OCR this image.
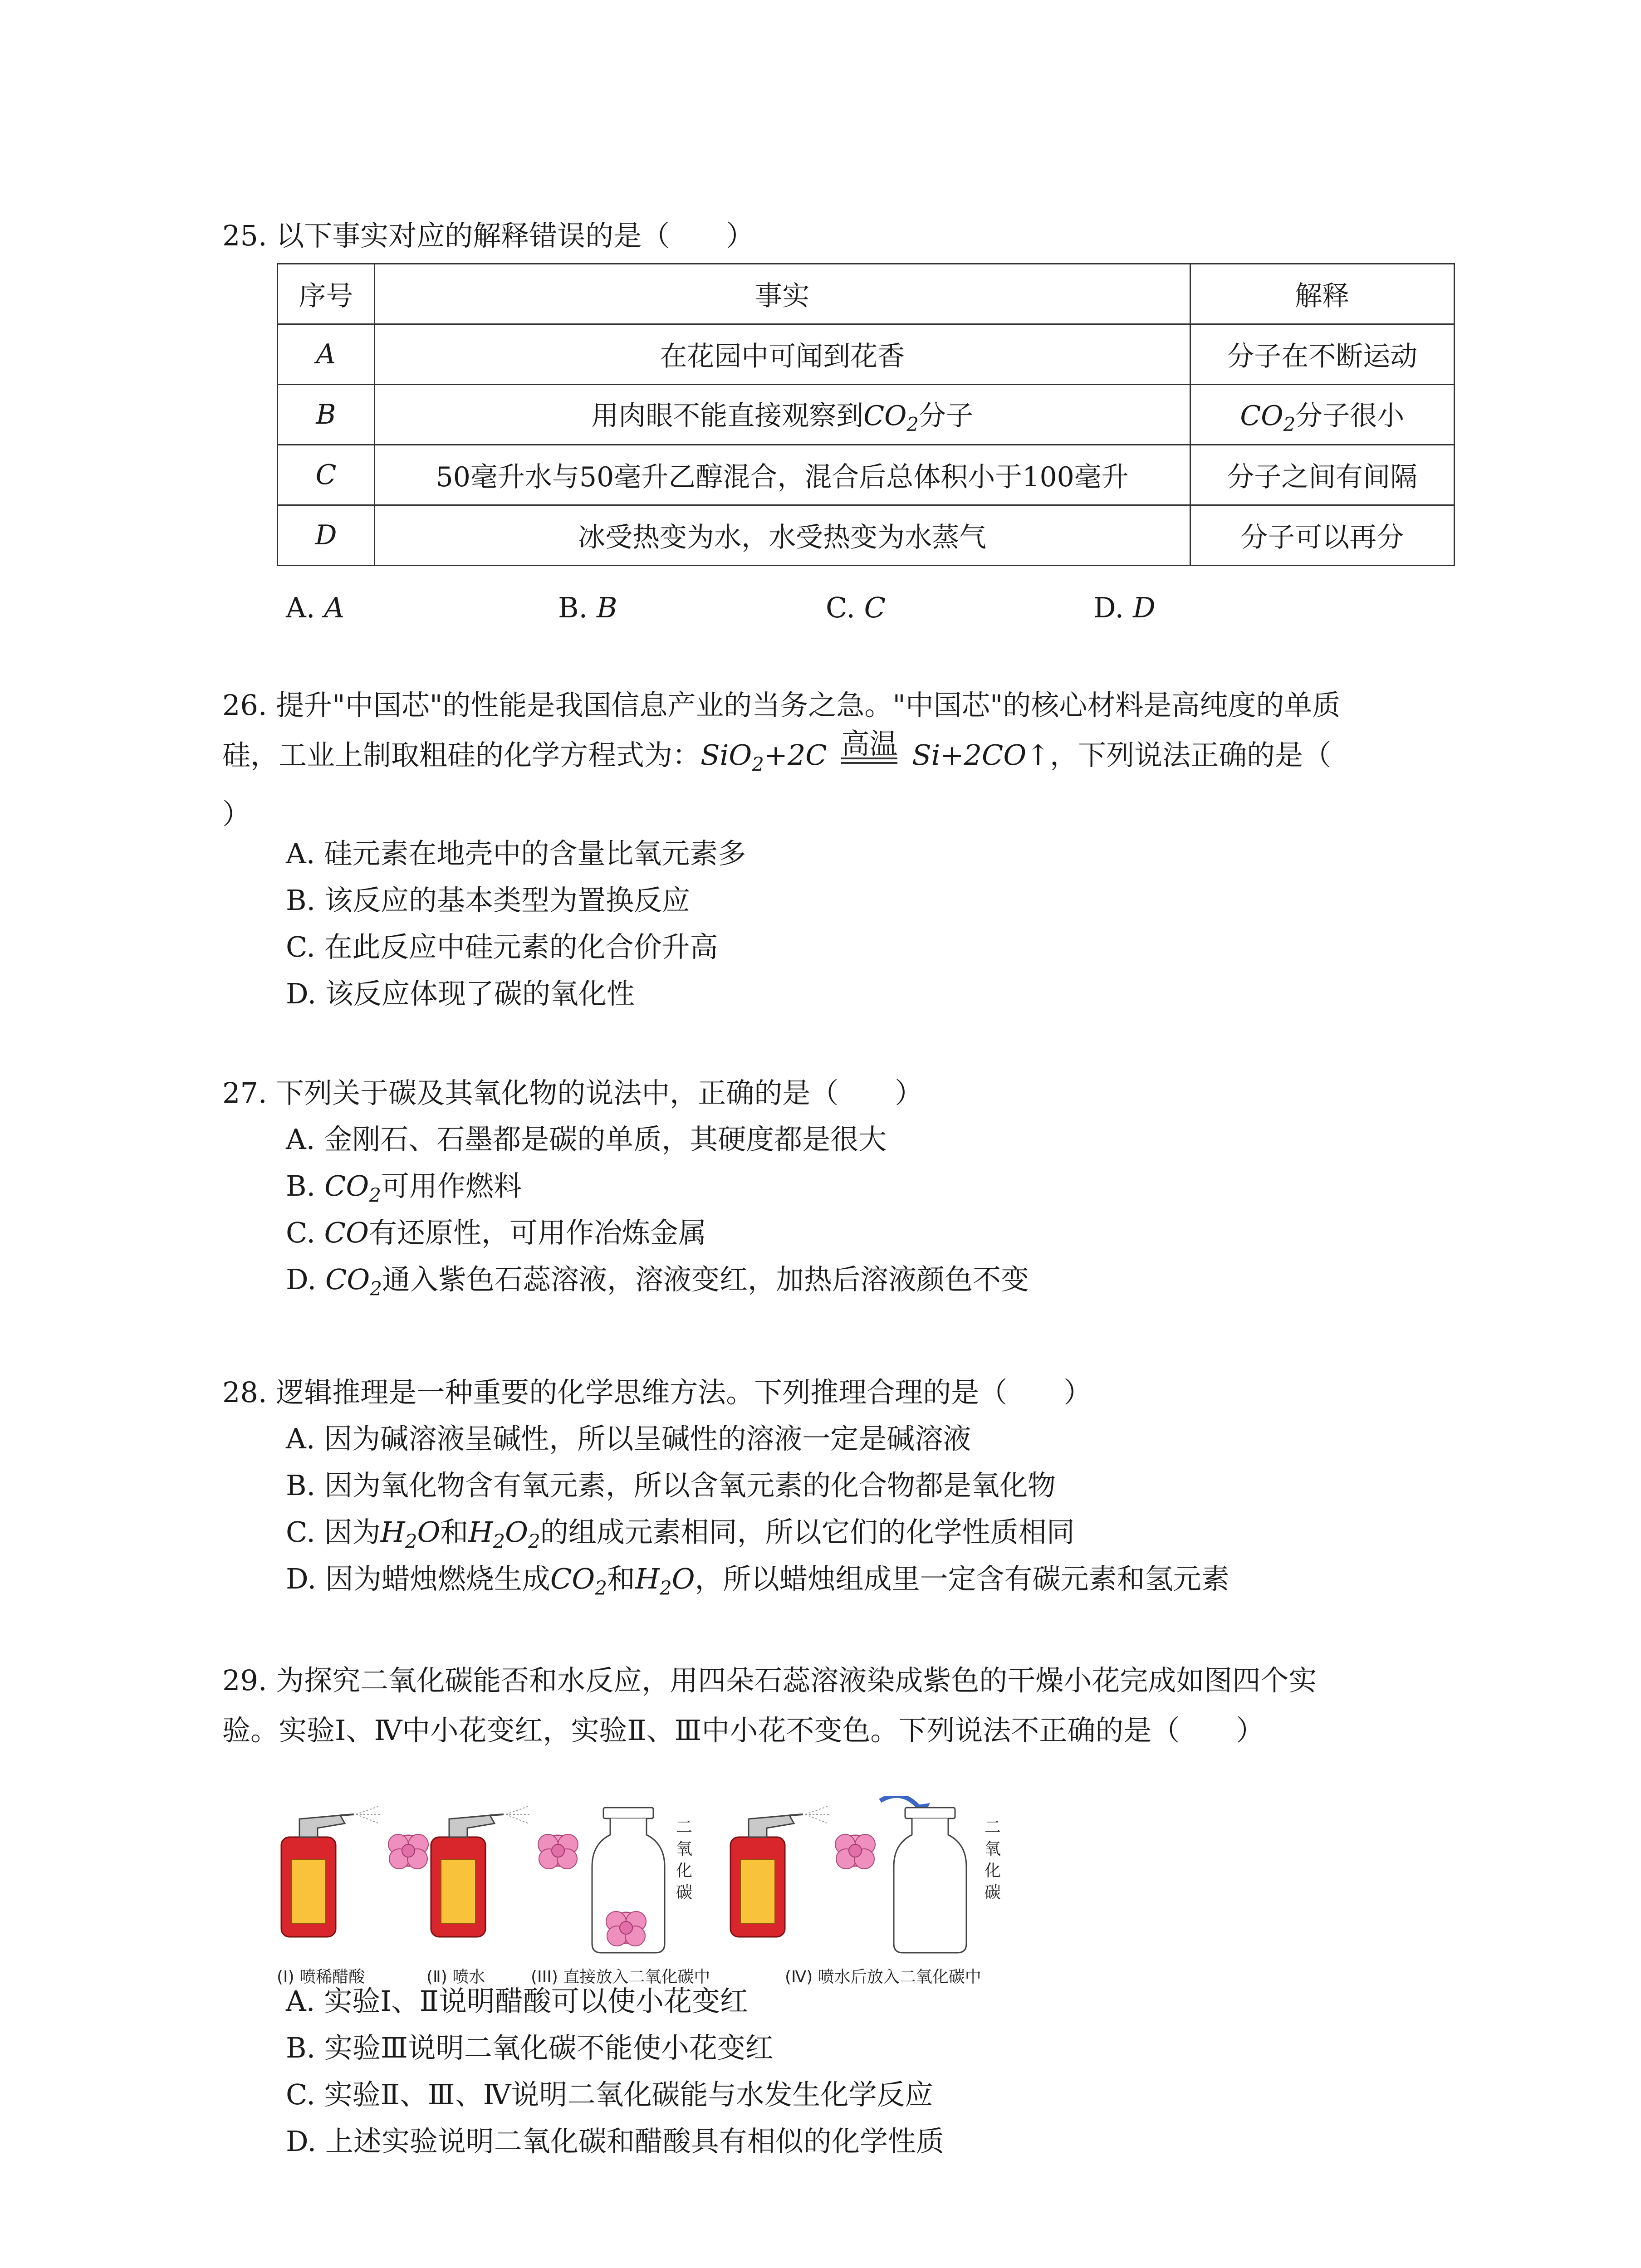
25. 以下事实对应的解释错误的是（　　）
序号	事实	解释
A	在花园中可闻到花香	分子在不断运动
B	用肉眼不能直接观察到$CO_2$分子	$CO_2$分子很小
C	50毫升水与50毫升乙醇混合，混合后总体积小于100毫升	分子之间有间隔
D	冰受热变为水，水受热变为水蒸气	分子可以再分
A. A	B. B	C. C	D. D
26. 提升"中国芯"的性能是我国信息产业的当务之急。"中国芯"的核心材料是高纯度的单质
硅，工业上制取粗硅的化学方程式为：SiO$_2$+2C 高温 Si+2CO↑，下列说法正确的是（
）
A. 硅元素在地壳中的含量比氧元素多
B. 该反应的基本类型为置换反应
C. 在此反应中硅元素的化合价升高
D. 该反应体现了碳的氧化性
27. 下列关于碳及其氧化物的说法中，正确的是（　　）
A. 金刚石、石墨都是碳的单质，其硬度都是很大
B. $CO_2$可用作燃料
C. CO有还原性，可用作冶炼金属
D. $CO_2$通入紫色石蕊溶液，溶液变红，加热后溶液颜色不变
28. 逻辑推理是一种重要的化学思维方法。下列推理合理的是（　　）
A. 因为碱溶液呈碱性，所以呈碱性的溶液一定是碱溶液
B. 因为氧化物含有氧元素，所以含氧元素的化合物都是氧化物
C. 因为$H_2O$和$H_2O_2$的组成元素相同，所以它们的化学性质相同
D. 因为蜡烛燃烧生成$CO_2$和$H_2O$，所以蜡烛组成里一定含有碳元素和氢元素
29. 为探究二氧化碳能否和水反应，用四朵石蕊溶液染成紫色的干燥小花完成如图四个实
验。实验I、Ⅳ中小花变红，实验Ⅱ、Ⅲ中小花不变色。下列说法不正确的是（　　）
二
氧
化
碳
二
氧
化
碳
(I) 喷稀醋酸	(Ⅱ) 喷水	(III) 直接放入二氧化碳中	(Ⅳ) 喷水后放入二氧化碳中
A. 实验Ⅰ、Ⅱ说明醋酸可以使小花变红
B. 实验Ⅲ说明二氧化碳不能使小花变红
C. 实验Ⅱ、Ⅲ、Ⅳ说明二氧化碳能与水发生化学反应
D. 上述实验说明二氧化碳和醋酸具有相似的化学性质
